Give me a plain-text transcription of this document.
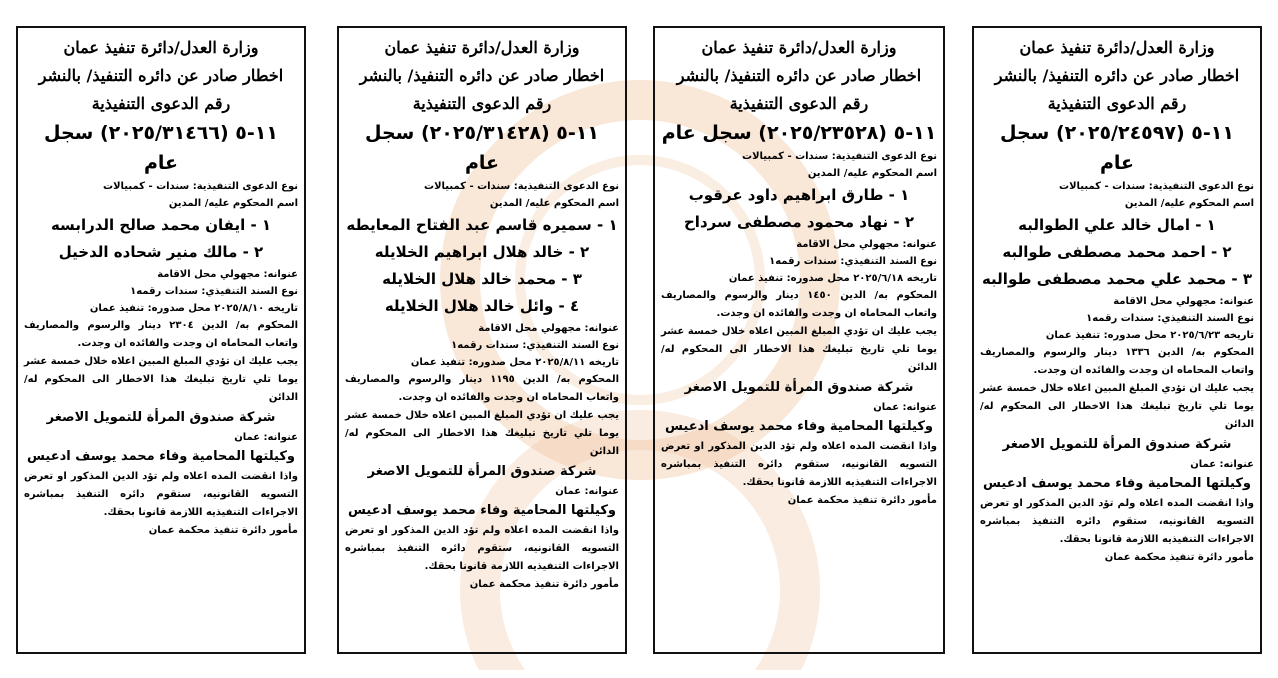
وزارة العدل/دائرة تنفيذ عمان
اخطار صادر عن دائره التنفيذ/ بالنشر
رقم الدعوى التنفيذية
١١-٥ (٢٠٢٥/٣١٤٦٦) سجل عام
نوع الدعوى التنفيذية: سندات - كمبيالات
اسم المحكوم عليه/ المدين
١ - ايفان محمد صالح الدرابسه
٢ - مالك منير شحاده الدخيل
عنوانه: مجهولي محل الاقامة
نوع السند التنفيذي: سندات رقمه١
تاريخه ٢٠٢٥/٨/١٠ محل صدوره: تنفيذ عمان
المحكوم به/ الدين ٢٣٠٤ دينار والرسوم والمصاريف واتعاب المحاماه ان وجدت والفائده ان وجدت.
يجب عليك ان تؤدي المبلغ المبين اعلاه خلال خمسة عشر يوما تلي تاريخ تبليغك هذا الاخطار الى المحكوم له/ الدائن
شركة صندوق المرأة للتمويل الاصغر
عنوانه: عمان
وكيلتها المحامية وفاء محمد يوسف ادعيس
واذا انقضت المده اعلاه ولم تؤد الدين المذكور او تعرض التسويه القانونيه، ستقوم دائره التنفيذ بمباشره الاجراءات التنفيذيه اللازمة قانونا بحقك.
مأمور دائرة تنفيذ محكمة عمان
وزارة العدل/دائرة تنفيذ عمان
اخطار صادر عن دائره التنفيذ/ بالنشر
رقم الدعوى التنفيذية
١١-٥ (٢٠٢٥/٣١٤٢٨) سجل عام
نوع الدعوى التنفيذية: سندات - كمبيالات
اسم المحكوم عليه/ المدين
١ - سميره قاسم عبد الفتاح المعايطه
٢ - خالد هلال ابراهيم الخلايله
٣ - محمد خالد هلال الخلايله
٤ - وائل خالد هلال الخلايله
عنوانه: مجهولي محل الاقامة
نوع السند التنفيذي: سندات رقمه١
تاريخه ٢٠٢٥/٨/١١ محل صدوره: تنفيذ عمان
المحكوم به/ الدين ١١٩٥ دينار والرسوم والمصاريف واتعاب المحاماه ان وجدت والفائده ان وجدت.
يجب عليك ان تؤدي المبلغ المبين اعلاه خلال خمسة عشر يوما تلي تاريخ تبليغك هذا الاخطار الى المحكوم له/ الدائن
شركة صندوق المرأة للتمويل الاصغر
عنوانه: عمان
وكيلتها المحامية وفاء محمد يوسف ادعيس
واذا انقضت المده اعلاه ولم تؤد الدين المذكور او تعرض التسويه القانونيه، ستقوم دائره التنفيذ بمباشره الاجراءات التنفيذيه اللازمة قانونا بحقك.
مأمور دائرة تنفيذ محكمة عمان
وزارة العدل/دائرة تنفيذ عمان
اخطار صادر عن دائره التنفيذ/ بالنشر
رقم الدعوى التنفيذية
١١-٥ (٢٠٢٥/٢٣٥٢٨) سجل عام
نوع الدعوى التنفيذية: سندات - كمبيالات
اسم المحكوم عليه/ المدين
١ - طارق ابراهيم داود عرقوب
٢ - نهاد محمود مصطفى سرداح
عنوانه: مجهولي محل الاقامة
نوع السند التنفيذي: سندات رقمه١
تاريخه ٢٠٢٥/٦/١٨ محل صدوره: تنفيذ عمان
المحكوم به/ الدين ١٤٥٠ دينار والرسوم والمصاريف واتعاب المحاماه ان وجدت والفائده ان وجدت.
يجب عليك ان تؤدي المبلغ المبين اعلاه خلال خمسة عشر يوما تلي تاريخ تبليغك هذا الاخطار الى المحكوم له/ الدائن
شركة صندوق المرأة للتمويل الاصغر
عنوانه: عمان
وكيلتها المحامية وفاء محمد يوسف ادعيس
واذا انقضت المده اعلاه ولم تؤد الدين المذكور او تعرض التسويه القانونيه، ستقوم دائره التنفيذ بمباشره الاجراءات التنفيذيه اللازمة قانونا بحقك.
مأمور دائرة تنفيذ محكمة عمان
وزارة العدل/دائرة تنفيذ عمان
اخطار صادر عن دائره التنفيذ/ بالنشر
رقم الدعوى التنفيذية
١١-٥ (٢٠٢٥/٢٤٥٩٧) سجل عام
نوع الدعوى التنفيذية: سندات - كمبيالات
اسم المحكوم عليه/ المدين
١ - امال خالد علي الطوالبه
٢ - احمد محمد مصطفى طوالبه
٣ - محمد علي محمد مصطفى طوالبه
عنوانه: مجهولي محل الاقامة
نوع السند التنفيذي: سندات رقمه١
تاريخه ٢٠٢٥/٦/٢٣ محل صدوره: تنفيذ عمان
المحكوم به/ الدين ١٣٣٦ دينار والرسوم والمصاريف واتعاب المحاماه ان وجدت والفائده ان وجدت.
يجب عليك ان تؤدي المبلغ المبين اعلاه خلال خمسة عشر يوما تلي تاريخ تبليغك هذا الاخطار الى المحكوم له/ الدائن
شركة صندوق المرأة للتمويل الاصغر
عنوانه: عمان
وكيلتها المحامية وفاء محمد يوسف ادعيس
واذا انقضت المده اعلاه ولم تؤد الدين المذكور او تعرض التسويه القانونيه، ستقوم دائره التنفيذ بمباشره الاجراءات التنفيذيه اللازمة قانونا بحقك.
مأمور دائرة تنفيذ محكمة عمان
